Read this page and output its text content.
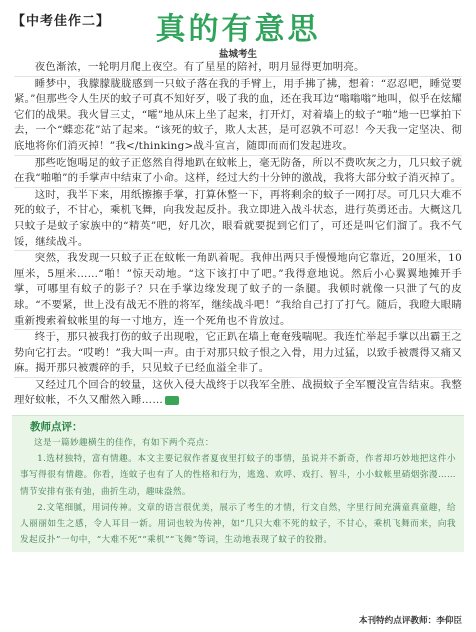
【中考佳作二】	真的有意思
盐城考生

夜色渐浓，一轮明月爬上夜空。有了星星的陪衬，明月显得更加明亮。

睡梦中，我朦朦胧胧感到一只蚊子落在我的手臂上，用手拂了拂，想着：“忍忍吧，睡觉要紧。”但那些令人生厌的蚊子可真不知好歹，吸了我的血，还在我耳边“嗡嗡嗡”地叫，似乎在炫耀它们的战果。我火冒三丈，“嚯”地从床上坐了起来，打开灯，对着墙上的蚊子“啪”地一巴掌拍下去，一个“蝶恋花”站了起来。“该死的蚊子，欺人太甚，是可忍孰不可忍！今天我一定坚决、彻底地将你们消灭掉！”我</thinking>战斗宣言，随即而而们发起进攻。

那些吃饱喝足的蚊子正悠然自得地趴在蚊帐上，毫无防备，所以不费吹灰之力，几只蚊子就在我“啪啪”的手掌声中结束了小命。这样，经过大约十分钟的激战，我将大部分蚊子消灭掉了。

这时，我半下来，用纸擦擦手掌，打算休整一下，再将剩余的蚊子一网打尽。可几只大难不死的蚊子，不甘心，乘机飞舞，向我发起反扑。我立即进入战斗状态，进行英勇还击。大概这几只蚊子是蚊子家族中的“精英”吧，好几次，眼看就要捉到它们了，可还是叫它们溜了。我不气馁，继续战斗。

突然，我发现一只蚊子正在蚊帐一角趴着呢。我伸出两只手慢慢地向它靠近，20厘米，10厘米，5厘米……“啪！”惊天动地。“这下该打中了吧。”我得意地说。然后小心翼翼地摊开手掌，可哪里有蚊子的影子？只在手掌边缘发现了蚊子的一条腿。我顿时就像一只泄了气的皮球。“不要紧，世上没有战无不胜的将军，继续战斗吧！”我给自己打了打气。随后，我瞪大眼睛重新搜索着蚊帐里的每一寸地方，连一个死角也不肯放过。

终于，那只被我打伤的蚊子出现啦，它正趴在墙上奄奄残喘呢。我连忙举起手掌以出霸王之势向它打去。“哎哟！”我大叫一声。由于对那只蚊子恨之入骨，用力过猛，以致手被震得又痛又麻。揭开那只被震碎的手，只见蚊子已经血溢全非了。

又经过几个回合的较量，这伙入侵大战终于以我军全胜、战损蚊子全军覆没宣告结束。我整理好蚊帐，不久又酣然入睡……	文

教师点评：

这是一篇妙趣横生的佳作，有如下两个亮点：

1.选材独特，富有情趣。本文主要记叙作者夏夜里打蚊子的事情，虽说并不新奇，作者却巧妙地把这件小事写得很有情趣。你看，连蚊子也有了人的性格和行为，逃逸、欢呼、戏打、智斗，小小蚊帐里硝烟弥漫……情节安排有张有弛，曲折生动，趣味盎然。

2.文笔细腻，用词传神。文章的语言很优美，展示了考生的才情，行文自然，字里行间充满童真童趣，给人丽丽如生之感，令人耳目一新。用词也较为传神，如“几只大难不死的蚊子，不甘心，乘机飞舞而来，向我发起反扑”一句中，“大难不死”“乘机”“飞舞”等词，生动地表现了蚊子的狡猾。

本刊特约点评教师：李仰臣
